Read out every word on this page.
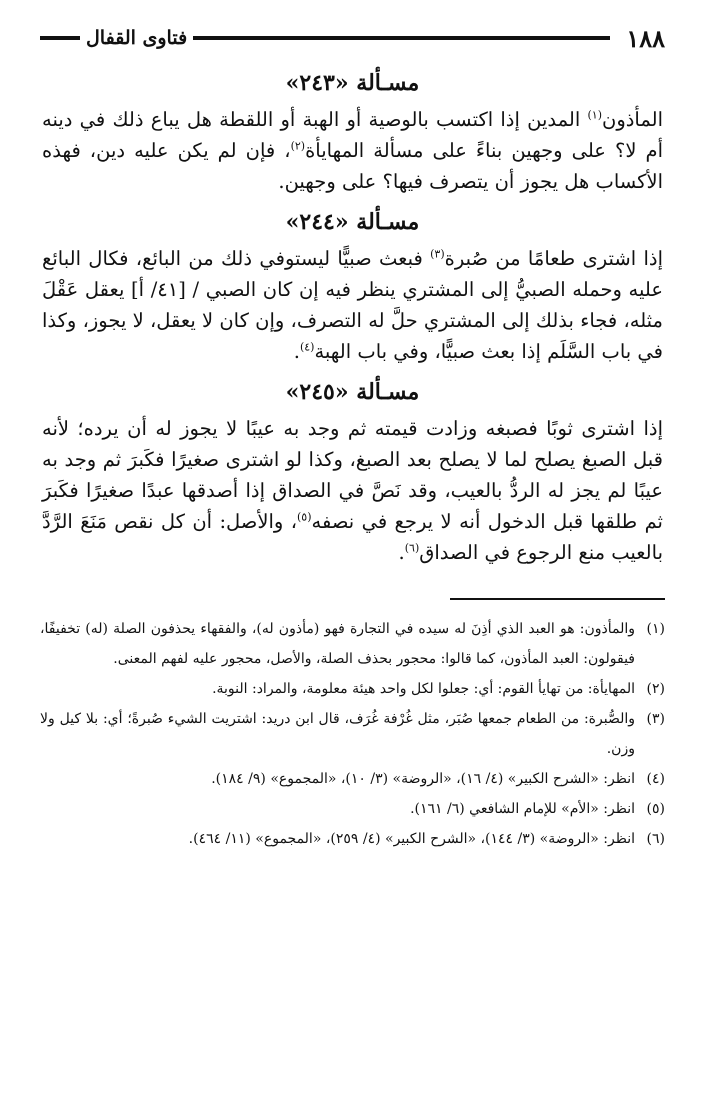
١٨٨
فتاوى القفال
مسـألة «٢٤٣»

المأذون$^{(١)}$ المدين إذا اكتسب بالوصية أو الهبة أو اللقطة هل يباع ذلك في دينه أم لا؟ على وجهين بناءً على مسألة المهايأة$^{(٢)}$، فإن لم يكن عليه دين، فهذه الأكساب هل يجوز أن يتصرف فيها؟ على وجهين.

مسـألة «٢٤٤»

إذا اشترى طعامًا من صُبرة$^{(٣)}$ فبعث صبيًّا ليستوفي ذلك من البائع، فكال البائع عليه وحمله الصبيُّ إلى المشتري ينظر فيه إن كان الصبي / [٤١/ أ] يعقل عَقْلَ مثله، فجاء بذلك إلى المشتري حلَّ له التصرف، وإن كان لا يعقل، لا يجوز، وكذا في باب السَّلَم إذا بعث صبيًّا، وفي باب الهبة$^{(٤)}$.

مسـألة «٢٤٥»

إذا اشترى ثوبًا فصبغه وزادت قيمته ثم وجد به عيبًا لا يجوز له أن يرده؛ لأنه قبل الصبغ يصلح لما لا يصلح بعد الصبغ، وكذا لو اشترى صغيرًا فكَبرَ ثم وجد به عيبًا لم يجز له الردُّ بالعيب، وقد نَصَّ في الصداق إذا أصدقها عبدًا صغيرًا فكَبرَ ثم طلقها قبل الدخول أنه لا يرجع في نصفه$^{(٥)}$، والأصل: أن كل نقص مَنَعَ الرَّدَّ بالعيب منع الرجوع في الصداق$^{(٦)}$.

(١)
والمأذون: هو العبد الذي أذِنَ له سيده في التجارة فهو (مأذون له)، والفقهاء يحذفون الصلة (له) تخفيفًا، فيقولون: العبد المأذون، كما قالوا: محجور بحذف الصلة، والأصل، محجور عليه لفهم المعنى.
(٢)
المهايأة: من تهايأ القوم: أي: جعلوا لكل واحد هيئة معلومة، والمراد: النوبة.
(٣)
والصُّبرة: من الطعام جمعها صُبَر، مثل غُرْفة غُرَف، قال ابن دريد: اشتريت الشيء صُبرةً؛ أي: بلا كيل ولا وزن.
(٤)
انظر: «الشرح الكبير» (٤/ ١٦)، «الروضة» (٣/ ١٠)، «المجموع» (٩/ ١٨٤).
(٥)
انظر: «الأم» للإمام الشافعي (٦/ ١٦١).
(٦)
انظر: «الروضة» (٣/ ١٤٤)، «الشرح الكبير» (٤/ ٢٥٩)، «المجموع» (١١/ ٤٦٤).
